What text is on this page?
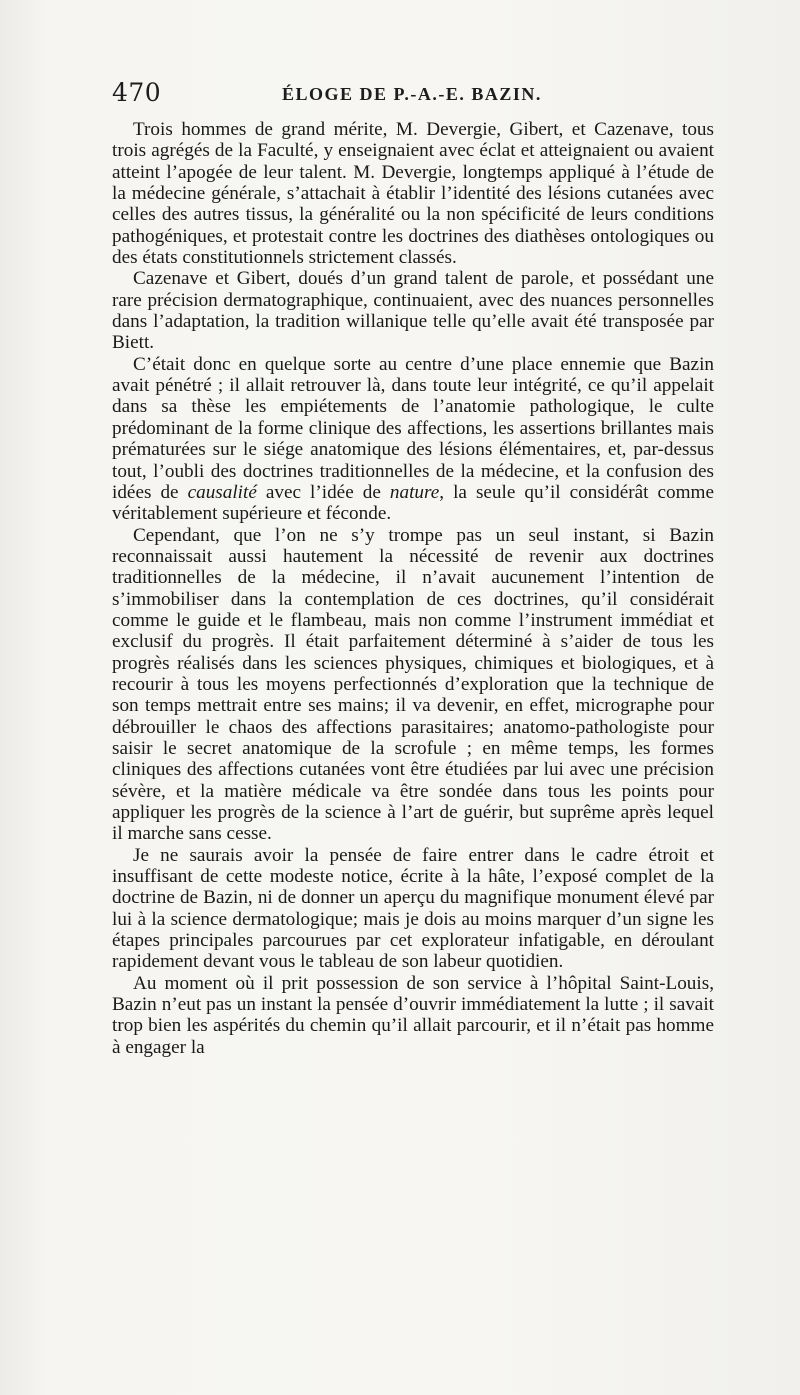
470	ÉLOGE DE P.-A.-E. BAZIN.

Trois hommes de grand mérite, M. Devergie, Gibert, et Cazenave, tous trois agrégés de la Faculté, y enseignaient avec éclat et atteignaient ou avaient atteint l’apogée de leur talent. M. Devergie, longtemps appliqué à l’étude de la médecine générale, s’attachait à établir l’identité des lésions cutanées avec celles des autres tissus, la généralité ou la non spécificité de leurs conditions pathogéniques, et protestait contre les doctrines des diathèses ontologiques ou des états constitutionnels strictement classés.

Cazenave et Gibert, doués d’un grand talent de parole, et possédant une rare précision dermatographique, continuaient, avec des nuances personnelles dans l’adaptation, la tradition willanique telle qu’elle avait été transposée par Biett.

C’était donc en quelque sorte au centre d’une place ennemie que Bazin avait pénétré ; il allait retrouver là, dans toute leur intégrité, ce qu’il appelait dans sa thèse les empiétements de l’anatomie pathologique, le culte prédominant de la forme clinique des affections, les assertions brillantes mais prématurées sur le siége anatomique des lésions élémentaires, et, par-dessus tout, l’oubli des doctrines traditionnelles de la médecine, et la confusion des idées de causalité avec l’idée de nature, la seule qu’il considérât comme véritablement supérieure et féconde.

Cependant, que l’on ne s’y trompe pas un seul instant, si Bazin reconnaissait aussi hautement la nécessité de revenir aux doctrines traditionnelles de la médecine, il n’avait aucunement l’intention de s’immobiliser dans la contemplation de ces doctrines, qu’il considérait comme le guide et le flambeau, mais non comme l’instrument immédiat et exclusif du progrès. Il était parfaitement déterminé à s’aider de tous les progrès réalisés dans les sciences physiques, chimiques et biologiques, et à recourir à tous les moyens perfectionnés d’exploration que la technique de son temps mettrait entre ses mains; il va devenir, en effet, micrographe pour débrouiller le chaos des affections parasitaires; anatomo-pathologiste pour saisir le secret anatomique de la scrofule ; en même temps, les formes cliniques des affections cutanées vont être étudiées par lui avec une précision sévère, et la matière médicale va être sondée dans tous les points pour appliquer les progrès de la science à l’art de guérir, but suprême après lequel il marche sans cesse.

Je ne saurais avoir la pensée de faire entrer dans le cadre étroit et insuffisant de cette modeste notice, écrite à la hâte, l’exposé complet de la doctrine de Bazin, ni de donner un aperçu du magnifique monument élevé par lui à la science dermatologique; mais je dois au moins marquer d’un signe les étapes principales parcourues par cet explorateur infatigable, en déroulant rapidement devant vous le tableau de son labeur quotidien.

Au moment où il prit possession de son service à l’hôpital Saint-Louis, Bazin n’eut pas un instant la pensée d’ouvrir immédiatement la lutte ; il savait trop bien les aspérités du chemin qu’il allait parcourir, et il n’était pas homme à engager la
